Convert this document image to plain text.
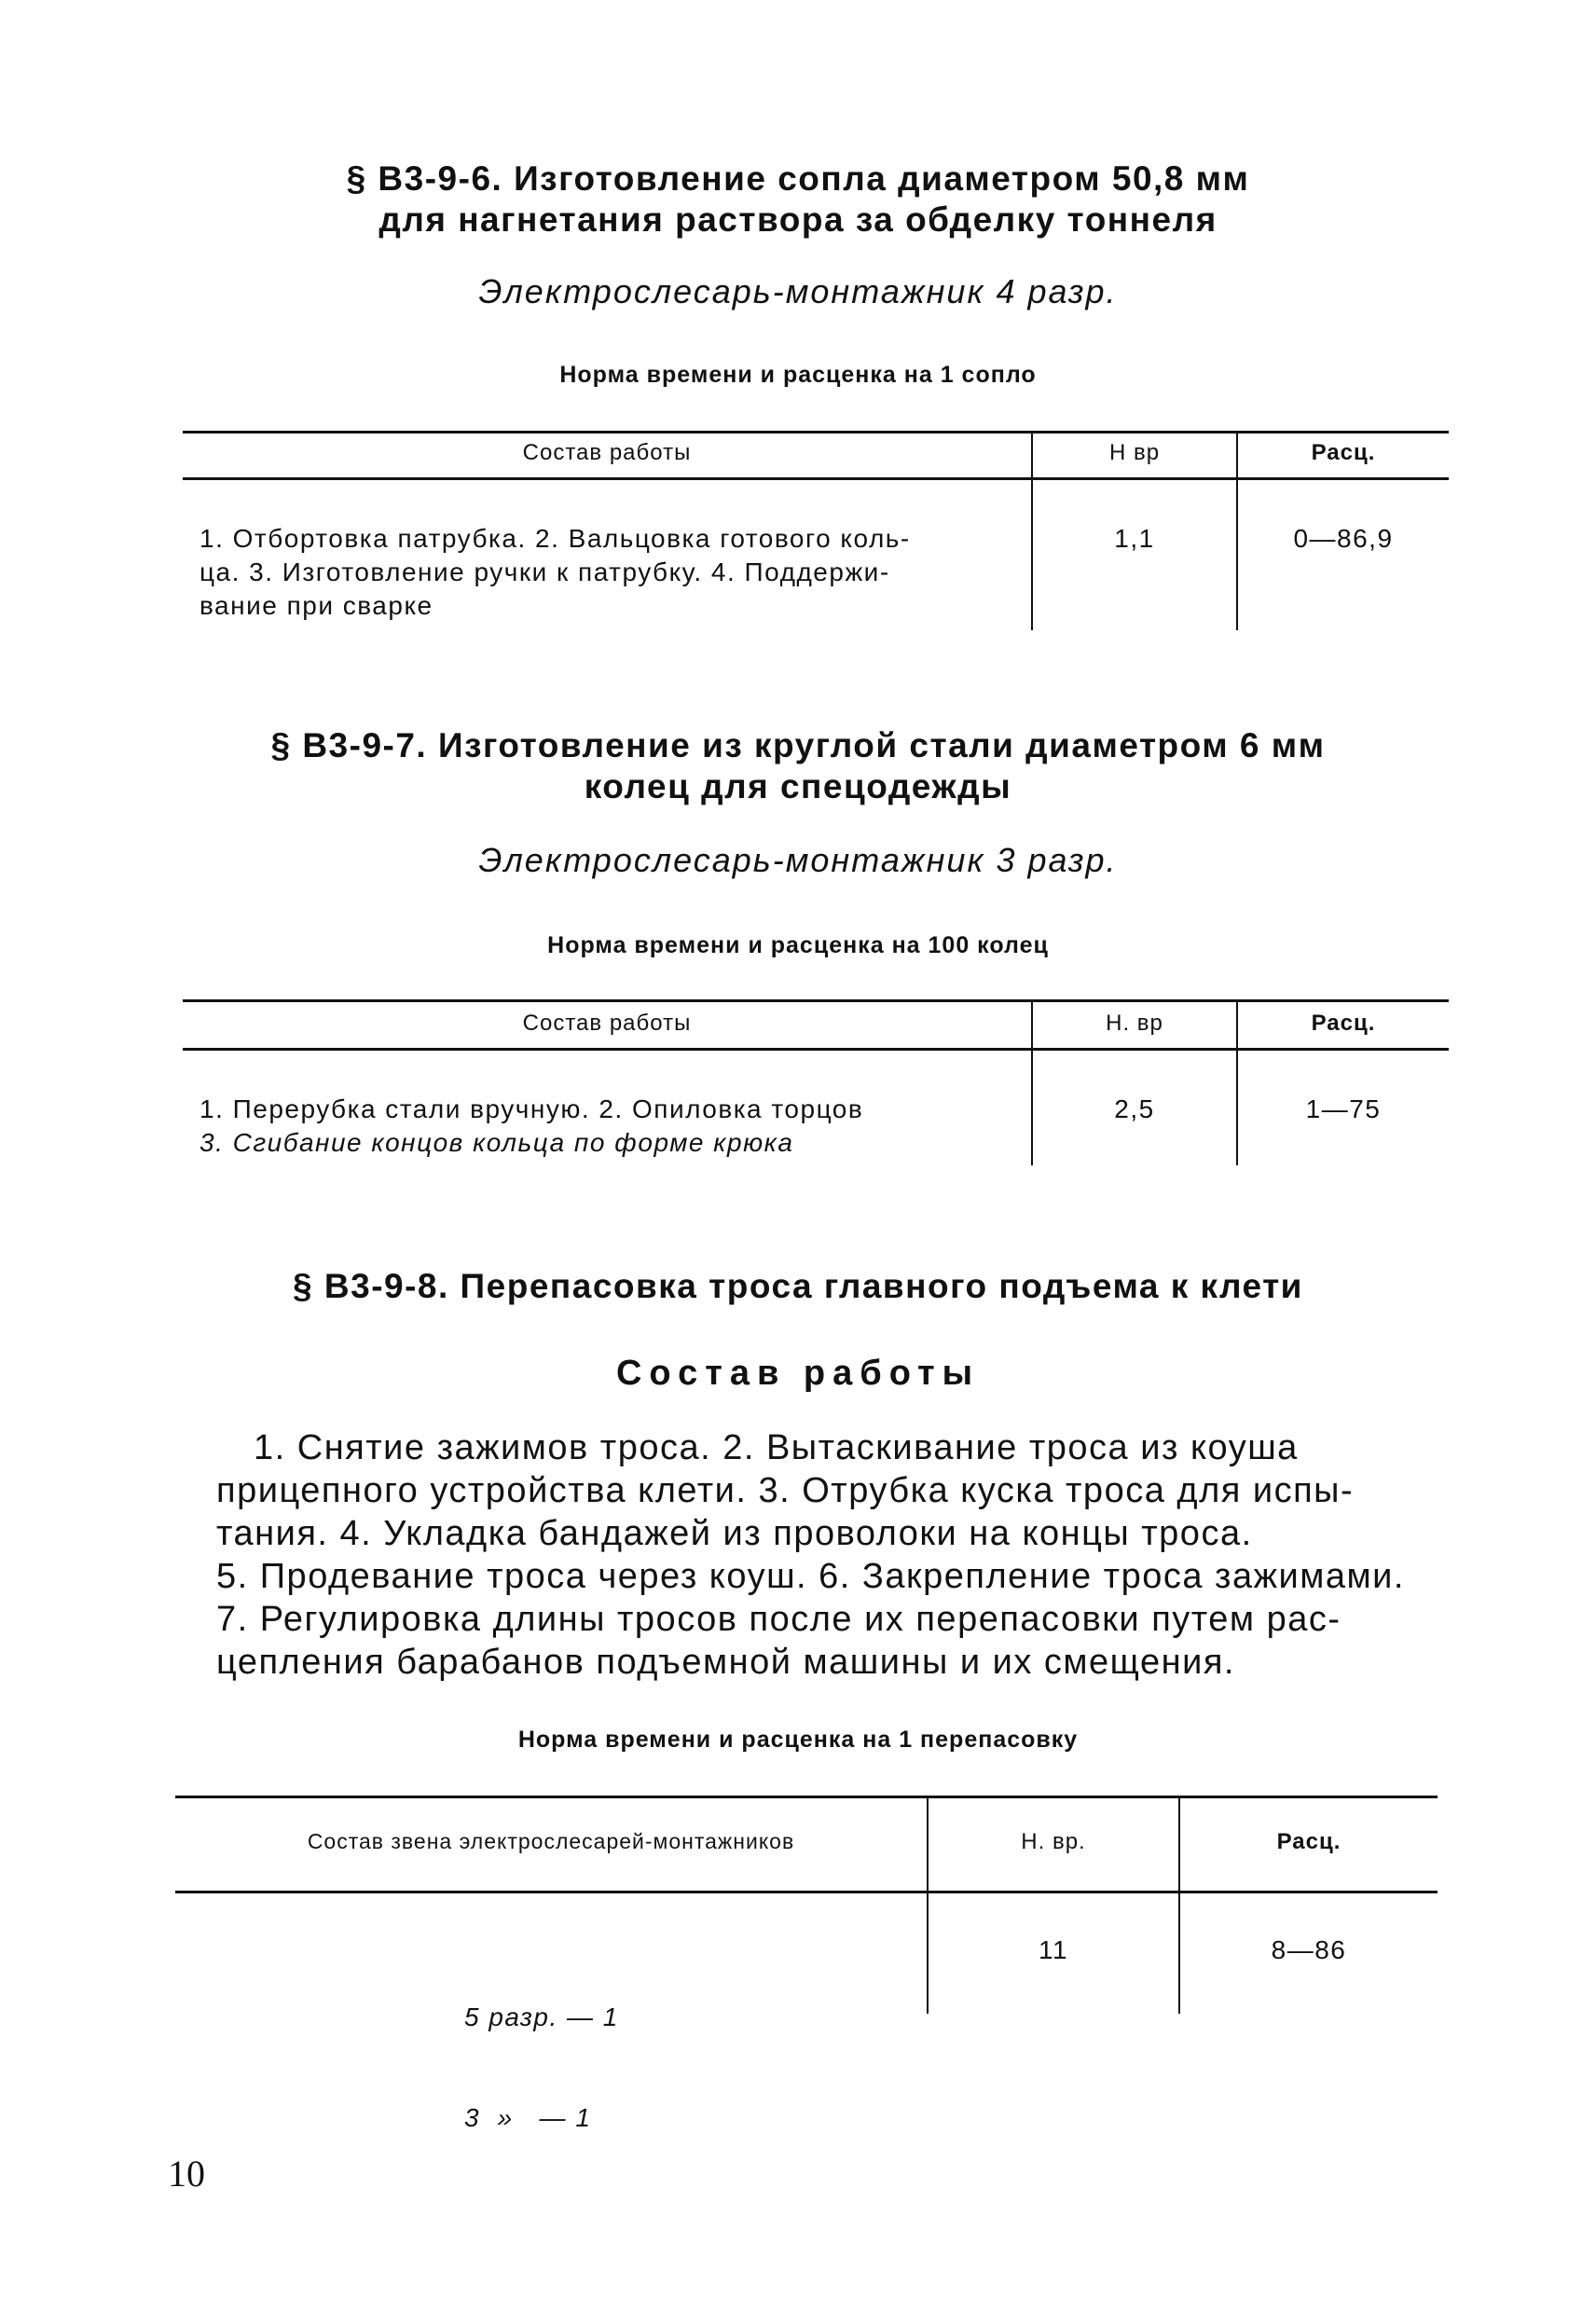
§ В3-9-6. Изготовление сопла диаметром 50,8 мм
для нагнетания раствора за обделку тоннеля
Электрослесарь-монтажник 4 разр.
Норма времени и расценка на 1 сопло
Состав работы	Н вр	Расц.
1. Отбортовка патрубка. 2. Вальцовка готового коль-
ца. 3. Изготовление ручки к патрубку. 4. Поддержи-
вание при сварке
1,1	0—86,9
§ В3-9-7. Изготовление из круглой стали диаметром 6 мм
колец для спецодежды
Электрослесарь-монтажник 3 разр.
Норма времени и расценка на 100 колец
Состав работы	Н. вр	Расц.
1. Перерубка стали вручную. 2. Опиловка торцов
3. Сгибание концов кольца по форме крюка
2,5	1—75
§ В3-9-8. Перепасовка троса главного подъема к клети
Состав работы
1. Снятие зажимов троса. 2. Вытаскивание троса из коуша
прицепного устройства клети. 3. Отрубка куска троса для испы-
тания. 4. Укладка бандажей из проволоки на концы троса.
5. Продевание троса через коуш. 6. Закрепление троса зажимами.
7. Регулировка длины тросов после их перепасовки путем рас-
цепления барабанов подъемной машины и их смещения.
Норма времени и расценка на 1 перепасовку
Состав звена электрослесарей-монтажников	Н. вр.	Расц.

5 разр. — 1

3  »   — 1

11	8—86
10
